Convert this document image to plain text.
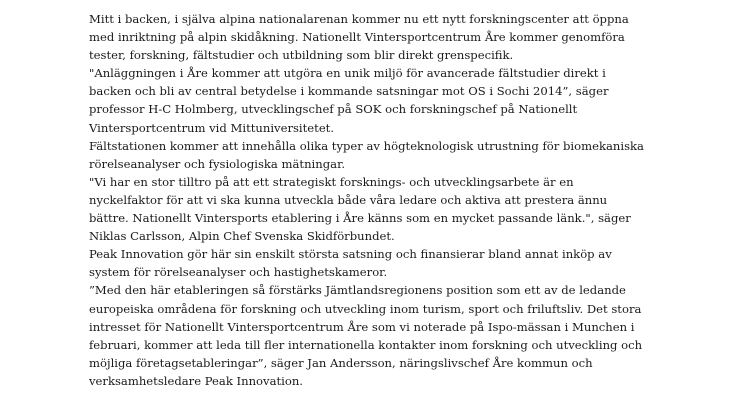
Mitt i backen, i själva alpina nationalarenan kommer nu ett nytt forskningscenter att öppna med inriktning på alpin skidåkning. Nationellt Vintersportcentrum Åre kommer genomföra tester, forskning, fältstudier och utbildning som blir direkt grenspecifik.

"Anläggningen i Åre kommer att utgöra en unik miljö för avancerade fältstudier direkt i backen och bli av central betydelse i kommande satsningar mot OS i Sochi 2014”, säger professor H-C Holmberg, utvecklingschef på SOK och forskningschef på Nationellt Vintersportcentrum vid Mittuniversitetet.

Fältstationen kommer att innehålla olika typer av högteknologisk utrustning för biomekaniska rörelseanalyser och fysiologiska mätningar.

"Vi har en stor tilltro på att ett strategiskt forsknings- och utvecklingsarbete är en nyckelfaktor för att vi ska kunna utveckla både våra ledare och aktiva att prestera ännu bättre. Nationellt Vintersports etablering i Åre känns som en mycket passande länk.", säger Niklas Carlsson, Alpin Chef Svenska Skidförbundet.

Peak Innovation gör här sin enskilt största satsning och finansierar bland annat inköp av system för rörelseanalyser och hastighetskameror.

”Med den här etableringen så förstärks Jämtlandsregionens position som ett av de ledande europeiska områdena för forskning och utveckling inom turism, sport och friluftsliv. Det stora intresset för Nationellt Vintersportcentrum Åre som vi noterade på Ispo-mässan i Munchen i februari, kommer att leda till fler internationella kontakter inom forskning och utveckling och möjliga företagsetableringar”, säger Jan Andersson, näringslivschef Åre kommun och verksamhetsledare Peak Innovation.
